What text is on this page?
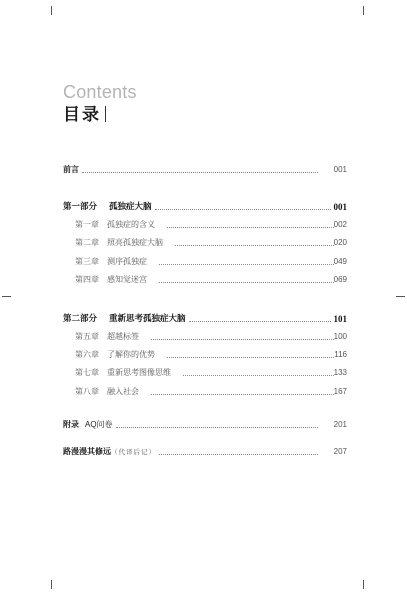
Contents
目录
前言	001
第一部分 孤独症大脑	001
第一章 孤独症的含义	002
第二章 照亮孤独症大脑	020
第三章 测序孤独症	049
第四章 感知觉迷宫	069
第二部分 重新思考孤独症大脑	101
第五章 超越标签	100
第六章 了解你的优势	116
第七章 重新思考图像思维	133
第八章 融入社会	167
附录 AQ问卷	201
路漫漫其修远（代译后记）	207
